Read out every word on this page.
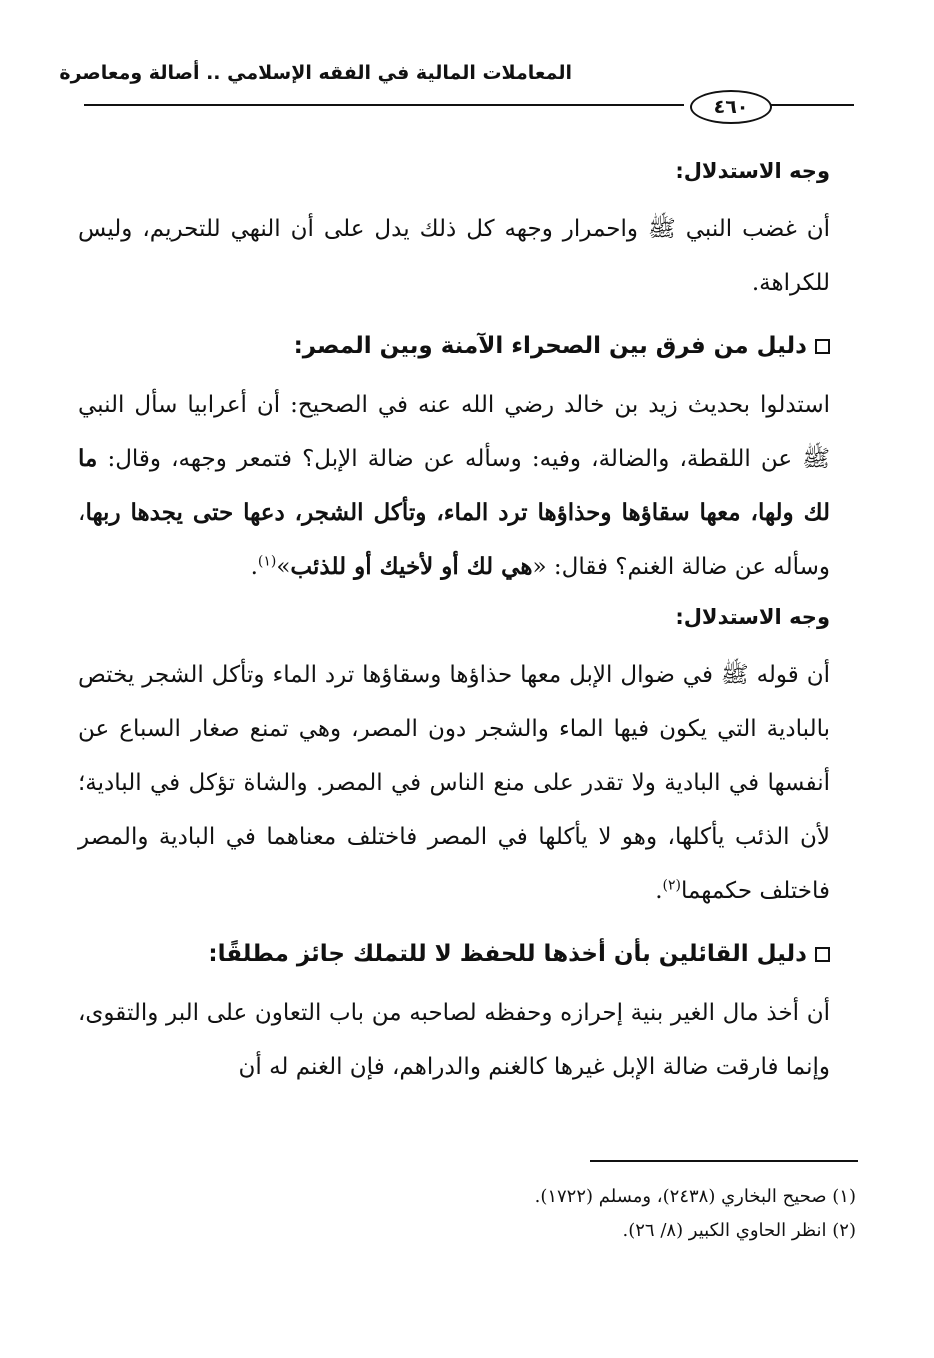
المعاملات المالية في الفقه الإسلامي .. أصالة ومعاصرة
٤٦٠

وجه الاستدلال:

أن غضب النبي ﷺ واحمرار وجهه كل ذلك يدل على أن النهي للتحريم، وليس للكراهة.

دليل من فرق بين الصحراء الآمنة وبين المصر:

استدلوا بحديث زيد بن خالد رضي الله عنه في الصحيح: أن أعرابيا سأل النبي ﷺ عن اللقطة، والضالة، وفيه: وسأله عن ضالة الإبل؟ فتمعر وجهه، وقال: ما لك ولها، معها سقاؤها وحذاؤها ترد الماء، وتأكل الشجر، دعها حتى يجدها ربها، وسأله عن ضالة الغنم؟ فقال: «هي لك أو لأخيك أو للذئب»$^{(١)}$.

وجه الاستدلال:

أن قوله ﷺ في ضوال الإبل معها حذاؤها وسقاؤها ترد الماء وتأكل الشجر يختص بالبادية التي يكون فيها الماء والشجر دون المصر، وهي تمنع صغار السباع عن أنفسها في البادية ولا تقدر على منع الناس في المصر. والشاة تؤكل في البادية؛ لأن الذئب يأكلها، وهو لا يأكلها في المصر فاختلف معناهما في البادية والمصر فاختلف حكمهما$^{(٢)}$.

دليل القائلين بأن أخذها للحفظ لا للتملك جائز مطلقًا:

أن أخذ مال الغير بنية إحرازه وحفظه لصاحبه من باب التعاون على البر والتقوى، وإنما فارقت ضالة الإبل غيرها كالغنم والدراهم، فإن الغنم له أن

(١) صحيح البخاري (٢٤٣٨)، ومسلم (١٧٢٢).

(٢) انظر الحاوي الكبير (٨/ ٢٦).
